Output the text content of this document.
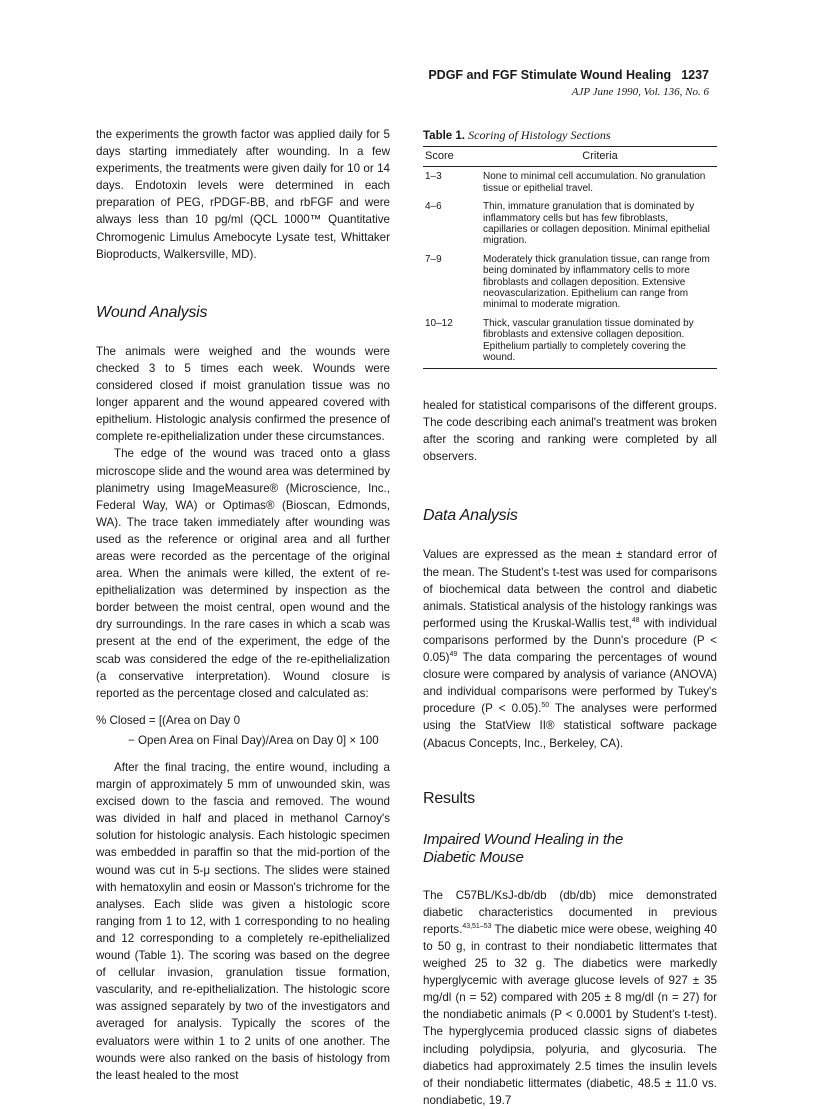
PDGF and FGF Stimulate Wound Healing 1237
AJP June 1990, Vol. 136, No. 6

the experiments the growth factor was applied daily for 5 days starting immediately after wounding. In a few experiments, the treatments were given daily for 10 or 14 days. Endotoxin levels were determined in each preparation of PEG, rPDGF-BB, and rbFGF and were always less than 10 pg/ml (QCL 1000™ Quantitative Chromogenic Limulus Amebocyte Lysate test, Whittaker Bioproducts, Walkersville, MD).

Wound Analysis

The animals were weighed and the wounds were checked 3 to 5 times each week. Wounds were considered closed if moist granulation tissue was no longer apparent and the wound appeared covered with epithelium. Histologic analysis confirmed the presence of complete re-epithelialization under these circumstances.

The edge of the wound was traced onto a glass microscope slide and the wound area was determined by planimetry using ImageMeasure® (Microscience, Inc., Federal Way, WA) or Optimas® (Bioscan, Edmonds, WA). The trace taken immediately after wounding was used as the reference or original area and all further areas were recorded as the percentage of the original area. When the animals were killed, the extent of re-epithelialization was determined by inspection as the border between the moist central, open wound and the dry surroundings. In the rare cases in which a scab was present at the end of the experiment, the edge of the scab was considered the edge of the re-epithelialization (a conservative interpretation). Wound closure is reported as the percentage closed and calculated as:

% Closed = [(Area on Day 0
− Open Area on Final Day)/Area on Day 0] × 100

After the final tracing, the entire wound, including a margin of approximately 5 mm of unwounded skin, was excised down to the fascia and removed. The wound was divided in half and placed in methanol Carnoy's solution for histologic analysis. Each histologic specimen was embedded in paraffin so that the mid-portion of the wound was cut in 5-μ sections. The slides were stained with hematoxylin and eosin or Masson's trichrome for the analyses. Each slide was given a histologic score ranging from 1 to 12, with 1 corresponding to no healing and 12 corresponding to a completely re-epithelialized wound (Table 1). The scoring was based on the degree of cellular invasion, granulation tissue formation, vascularity, and re-epithelialization. The histologic score was assigned separately by two of the investigators and averaged for analysis. Typically the scores of the evaluators were within 1 to 2 units of one another. The wounds were also ranked on the basis of histology from the least healed to the most

Table 1. Scoring of Histology Sections
Score	Criteria
1–3	None to minimal cell accumulation. No granulation tissue or epithelial travel.
4–6	Thin, immature granulation that is dominated by inflammatory cells but has few fibroblasts, capillaries or collagen deposition. Minimal epithelial migration.
7–9	Moderately thick granulation tissue, can range from being dominated by inflammatory cells to more fibroblasts and collagen deposition. Extensive neovascularization. Epithelium can range from minimal to moderate migration.
10–12	Thick, vascular granulation tissue dominated by fibroblasts and extensive collagen deposition. Epithelium partially to completely covering the wound.

healed for statistical comparisons of the different groups. The code describing each animal's treatment was broken after the scoring and ranking were completed by all observers.

Data Analysis

Values are expressed as the mean ± standard error of the mean. The Student's t-test was used for comparisons of biochemical data between the control and diabetic animals. Statistical analysis of the histology rankings was performed using the Kruskal-Wallis test,$^{48}$ with individual comparisons performed by the Dunn's procedure (P < 0.05)$^{49}$ The data comparing the percentages of wound closure were compared by analysis of variance (ANOVA) and individual comparisons were performed by Tukey's procedure (P < 0.05).$^{50}$ The analyses were performed using the StatView II® statistical software package (Abacus Concepts, Inc., Berkeley, CA).

Results
Impaired Wound Healing in the Diabetic Mouse

The C57BL/KsJ-db/db (db/db) mice demonstrated diabetic characteristics documented in previous reports.$^{43,51-53}$ The diabetic mice were obese, weighing 40 to 50 g, in contrast to their nondiabetic littermates that weighed 25 to 32 g. The diabetics were markedly hyperglycemic with average glucose levels of 927 ± 35 mg/dl (n = 52) compared with 205 ± 8 mg/dl (n = 27) for the nondiabetic animals (P < 0.0001 by Student's t-test). The hyperglycemia produced classic signs of diabetes including polydipsia, polyuria, and glycosuria. The diabetics had approximately 2.5 times the insulin levels of their nondiabetic littermates (diabetic, 48.5 ± 11.0 vs. nondiabetic, 19.7
